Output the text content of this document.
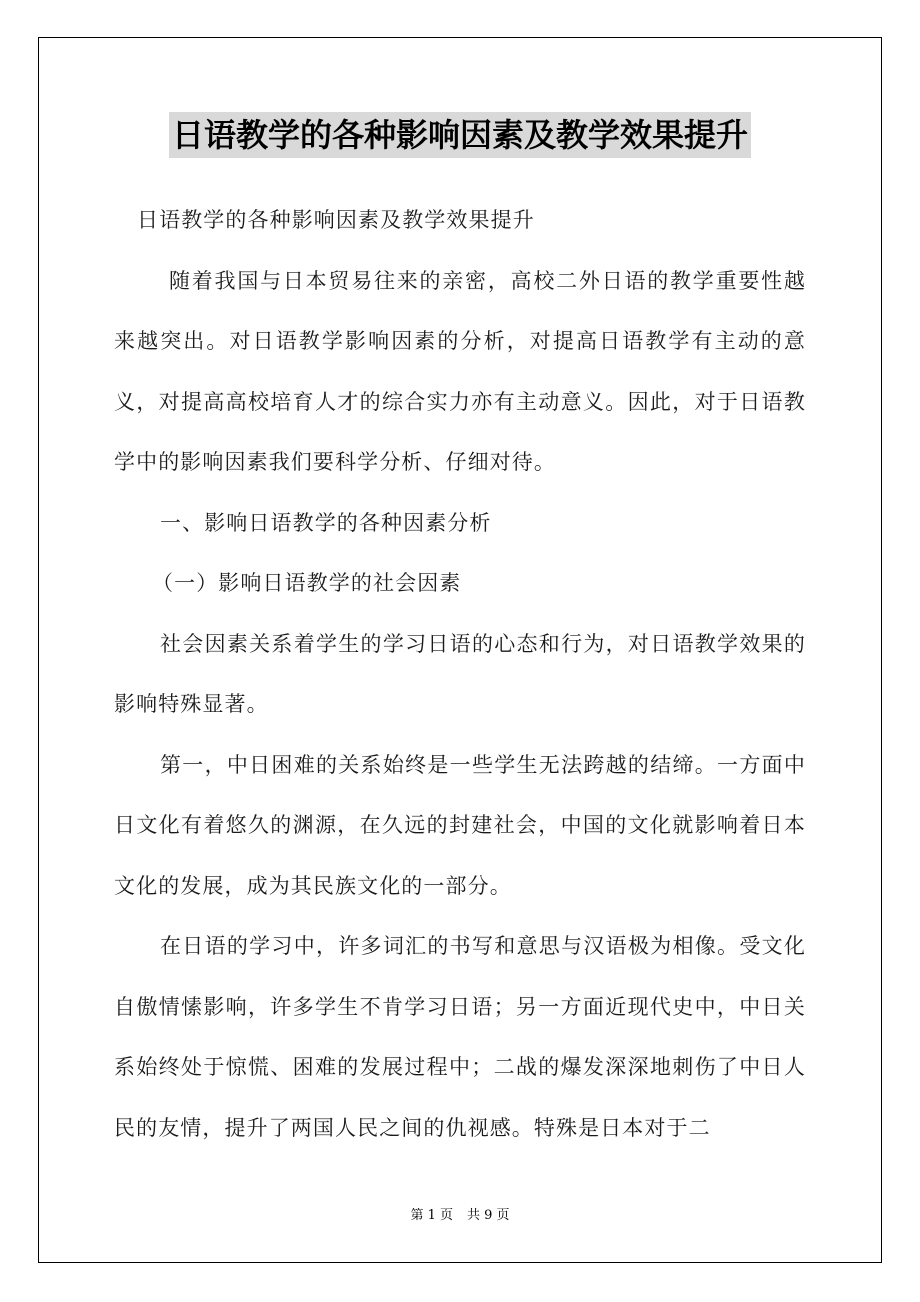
日语教学的各种影响因素及教学效果提升

日语教学的各种影响因素及教学效果提升

随着我国与日本贸易往来的亲密，高校二外日语的教学重要性越来越突出。对日语教学影响因素的分析，对提高日语教学有主动的意义，对提高高校培育人才的综合实力亦有主动意义。因此，对于日语教学中的影响因素我们要科学分析、仔细对待。

一、影响日语教学的各种因素分析

（一）影响日语教学的社会因素

社会因素关系着学生的学习日语的心态和行为，对日语教学效果的影响特殊显著。

第一，中日困难的关系始终是一些学生无法跨越的结缔。一方面中日文化有着悠久的渊源，在久远的封建社会，中国的文化就影响着日本文化的发展，成为其民族文化的一部分。

在日语的学习中，许多词汇的书写和意思与汉语极为相像。受文化自傲情愫影响，许多学生不肯学习日语；另一方面近现代史中，中日关系始终处于惊慌、困难的发展过程中；二战的爆发深深地刺伤了中日人民的友情，提升了两国人民之间的仇视感。特殊是日本对于二

第 1 页 共 9 页
